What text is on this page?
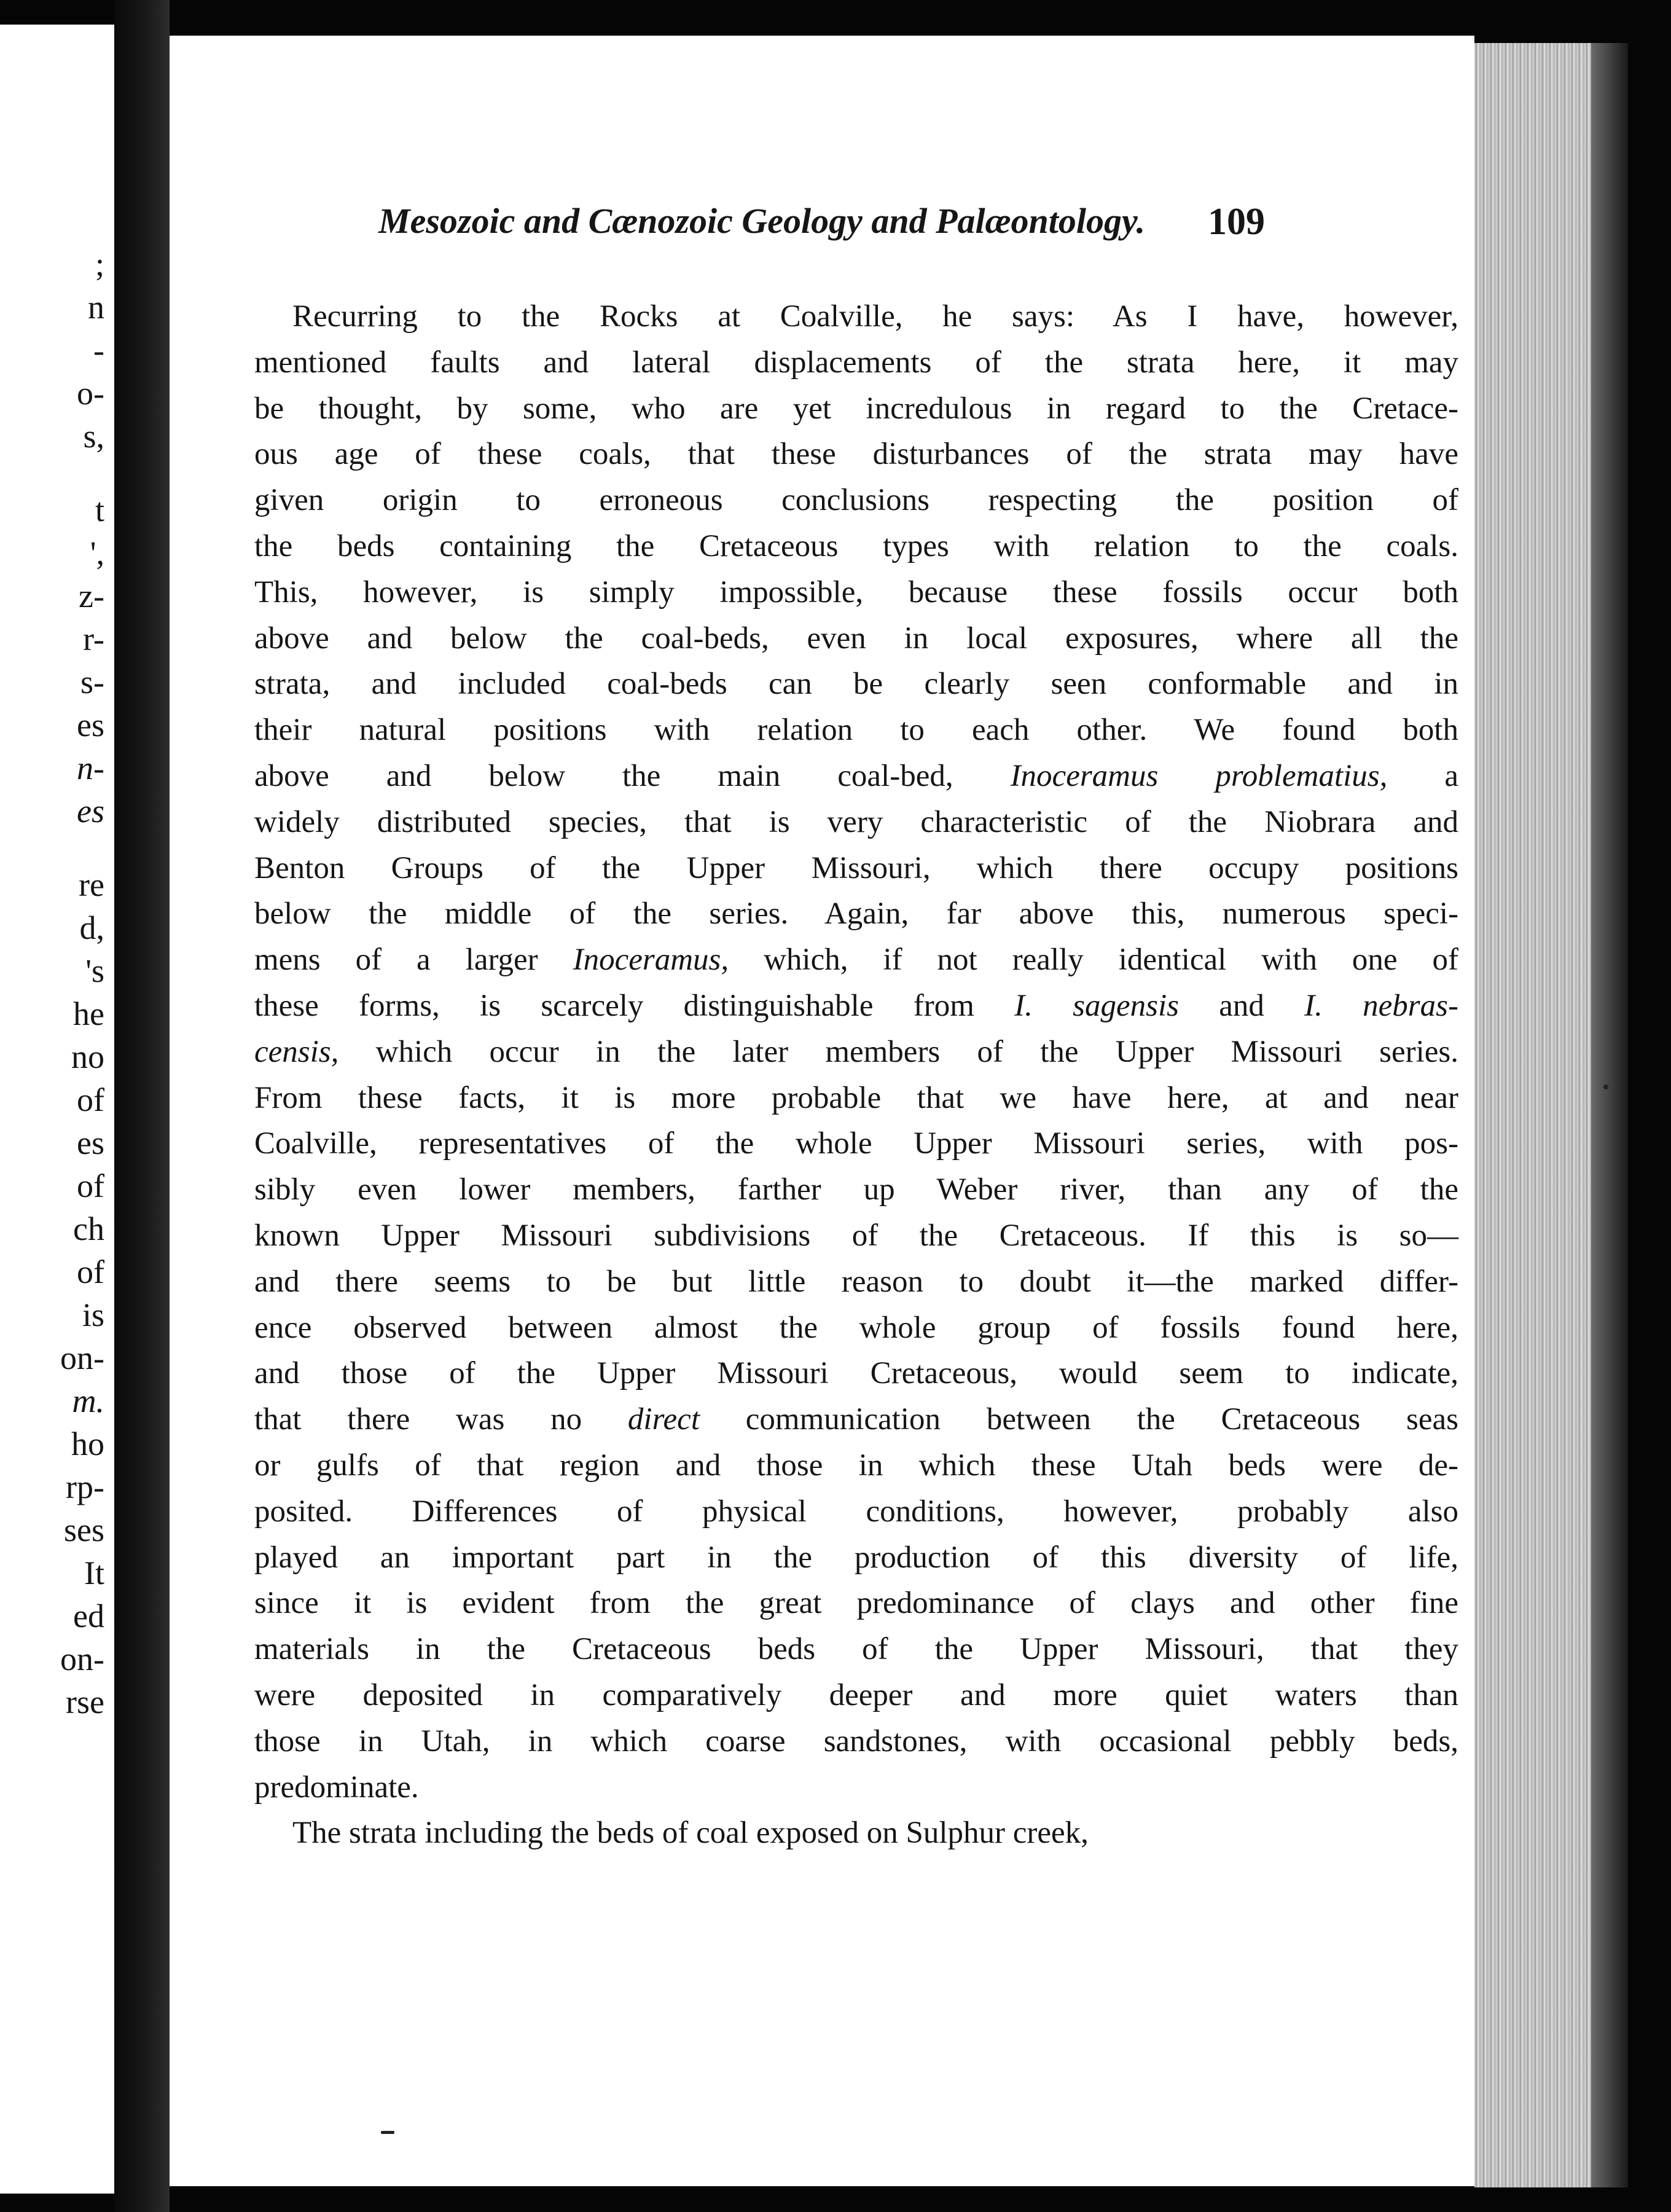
;
n
-
o-
s,
t
',
z-
r-
s-
es
n-
es
re
d,
's
he
no
of
es
of
ch
of
is
on-
m.
ho
rp-
ses
It
ed
on-
rse
Mesozoic and Cænozoic Geology and Palæontology.	109
Recurring to the Rocks at Coalville, he says: As I have, however,
mentioned faults and lateral displacements of the strata here, it may
be thought, by some, who are yet incredulous in regard to the Cretace-
ous age of these coals, that these disturbances of the strata may have
given origin to erroneous conclusions respecting the position of
the beds containing the Cretaceous types with relation to the coals.
This, however, is simply impossible, because these fossils occur both
above and below the coal-beds, even in local exposures, where all the
strata, and included coal-beds can be clearly seen conformable and in
their natural positions with relation to each other. We found both
above and below the main coal-bed, Inoceramus problematius, a
widely distributed species, that is very characteristic of the Niobrara and
Benton Groups of the Upper Missouri, which there occupy positions
below the middle of the series. Again, far above this, numerous speci-
mens of a larger Inoceramus, which, if not really identical with one of
these forms, is scarcely distinguishable from I. sagensis and I. nebras-
censis, which occur in the later members of the Upper Missouri series.
From these facts, it is more probable that we have here, at and near
Coalville, representatives of the whole Upper Missouri series, with pos-
sibly even lower members, farther up Weber river, than any of the
known Upper Missouri subdivisions of the Cretaceous. If this is so—
and there seems to be but little reason to doubt it—the marked differ-
ence observed between almost the whole group of fossils found here,
and those of the Upper Missouri Cretaceous, would seem to indicate,
that there was no direct communication between the Cretaceous seas
or gulfs of that region and those in which these Utah beds were de-
posited. Differences of physical conditions, however, probably also
played an important part in the production of this diversity of life,
since it is evident from the great predominance of clays and other fine
materials in the Cretaceous beds of the Upper Missouri, that they
were deposited in comparatively deeper and more quiet waters than
those in Utah, in which coarse sandstones, with occasional pebbly beds,
predominate.
The strata including the beds of coal exposed on Sulphur creek,
